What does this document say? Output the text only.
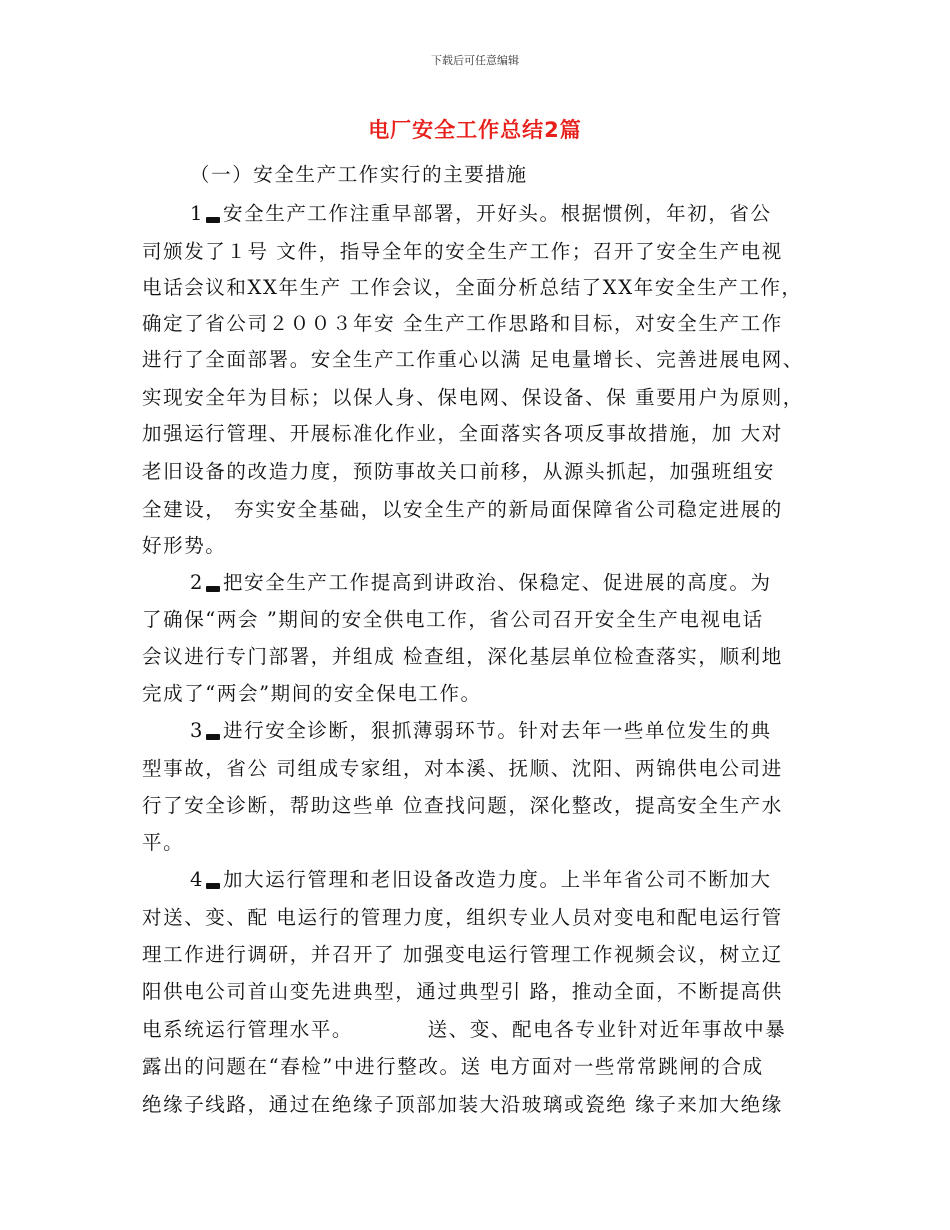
下载后可任意编辑
电厂安全工作总结2篇
（一）安全生产工作实行的主要措施
1 安全生产工作注重早部署，开好头。根据惯例，年初，省公
司颁发了１号 文件，指导全年的安全生产工作；召开了安全生产电视
电话会议和XX年生产 工作会议，全面分析总结了XX年安全生产工作，
确定了省公司２００３年安 全生产工作思路和目标，对安全生产工作
进行了全面部署。安全生产工作重心以满 足电量增长、完善进展电网、
实现安全年为目标；以保人身、保电网、保设备、保 重要用户为原则，
加强运行管理、开展标准化作业，全面落实各项反事故措施，加 大对
老旧设备的改造力度，预防事故关口前移，从源头抓起，加强班组安
全建设， 夯实安全基础，以安全生产的新局面保障省公司稳定进展的
好形势。
2 把安全生产工作提高到讲政治、保稳定、促进展的高度。为
了确保“两会 ”期间的安全供电工作，省公司召开安全生产电视电话
会议进行专门部署，并组成 检查组，深化基层单位检查落实，顺利地
完成了“两会”期间的安全保电工作。
3 进行安全诊断，狠抓薄弱环节。针对去年一些单位发生的典
型事故，省公 司组成专家组，对本溪、抚顺、沈阳、两锦供电公司进
行了安全诊断，帮助这些单 位查找问题，深化整改，提高安全生产水
平。
4 加大运行管理和老旧设备改造力度。上半年省公司不断加大
对送、变、配 电运行的管理力度，组织专业人员对变电和配电运行管
理工作进行调研，并召开了 加强变电运行管理工作视频会议，树立辽
阳供电公司首山变先进典型，通过典型引 路，推动全面，不断提高供
电系统运行管理水平。　　　　送、变、配电各专业针对近年事故中暴
露出的问题在“春检”中进行整改。送 电方面对一些常常跳闸的合成
绝缘子线路，通过在绝缘子顶部加装大沿玻璃或瓷绝 缘子来加大绝缘
